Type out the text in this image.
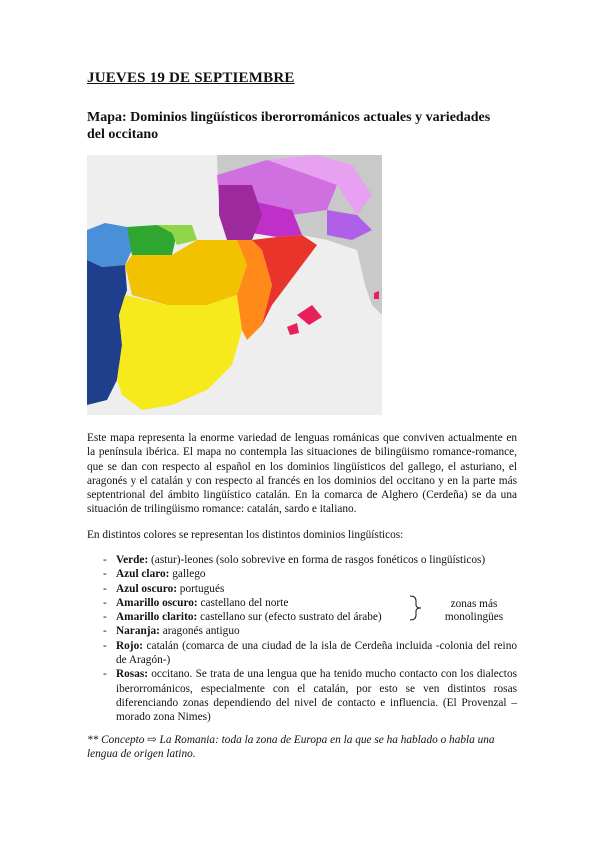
JUEVES 19 DE SEPTIEMBRE
Mapa: Dominios lingüísticos iberorrománicos actuales y variedades del occitano
Este mapa representa la enorme variedad de lenguas románicas que conviven actualmente en la península ibérica. El mapa no contempla las situaciones de bilingüismo romance-romance, que se dan con respecto al español en los dominios lingüísticos del gallego, el asturiano, el aragonés y el catalán y con respecto al francés en los dominios del occitano y en la parte más septentrional del ámbito lingüístico catalán. En la comarca de Alghero (Cerdeña) se da una situación de trilingüismo romance: catalán, sardo e italiano.
En distintos colores se representan los distintos dominios lingüísticos:
- Verde: (astur)-leones (solo sobrevive en forma de rasgos fonéticos o lingüísticos)
- Azul claro: gallego
- Azul oscuro: portugués
- Amarillo oscuro: castellano del norte
- Amarillo clarito: castellano sur (efecto sustrato del árabe)
- Naranja: aragonés antiguo
- Rojo: catalán (comarca de una ciudad de la isla de Cerdeña incluida -colonia del reino de Aragón-)
- Rosas: occitano. Se trata de una lengua que ha tenido mucho contacto con los dialectos iberorrománicos, especialmente con el catalán, por esto se ven distintos rosas diferenciando zonas dependiendo del nivel de contacto e influencia. (El Provenzal – morado zona Nimes)
zonas más monolingües
** Concepto ⇨ La Romania: toda la zona de Europa en la que se ha hablado o habla una lengua de origen latino.
